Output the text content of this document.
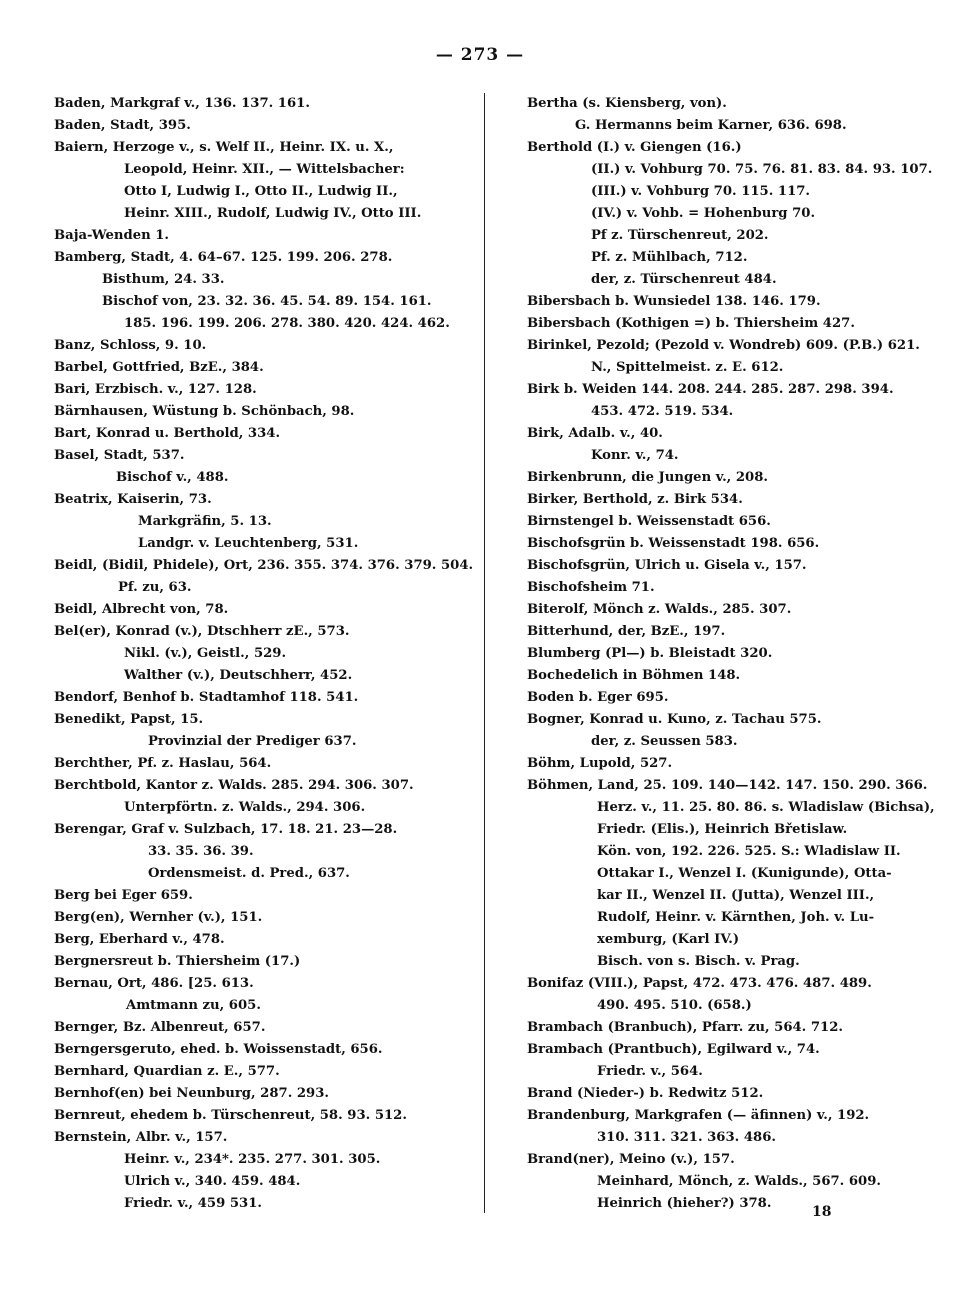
— 273 —
Baden, Markgraf v., 136. 137. 161.
Baden, Stadt, 395.
Baiern, Herzoge v., s. Welf II., Heinr. IX. u. X.,
Leopold, Heinr. XII., — Wittelsbacher:
Otto I, Ludwig I., Otto II., Ludwig II.,
Heinr. XIII., Rudolf, Ludwig IV., Otto III.
Baja-Wenden 1.
Bamberg, Stadt, 4. 64–67. 125. 199. 206. 278.
Bisthum, 24. 33.
Bischof von, 23. 32. 36. 45. 54. 89. 154. 161.
185. 196. 199. 206. 278. 380. 420. 424. 462.
Banz, Schloss, 9. 10.
Barbel, Gottfried, BzE., 384.
Bari, Erzbisch. v., 127. 128.
Bärnhausen, Wüstung b. Schönbach, 98.
Bart, Konrad u. Berthold, 334.
Basel, Stadt, 537.
Bischof v., 488.
Beatrix, Kaiserin, 73.
Markgräfin, 5. 13.
Landgr. v. Leuchtenberg, 531.
Beidl, (Bidil, Phidele), Ort, 236. 355. 374. 376. 379. 504.
Pf. zu, 63.
Beidl, Albrecht von, 78.
Bel(er), Konrad (v.), Dtschherr zE., 573.
Nikl. (v.), Geistl., 529.
Walther (v.), Deutschherr, 452.
Bendorf, Benhof b. Stadtamhof 118. 541.
Benedikt, Papst, 15.
Provinzial der Prediger 637.
Berchther, Pf. z. Haslau, 564.
Berchtbold, Kantor z. Walds. 285. 294. 306. 307.
Unterpförtn. z. Walds., 294. 306.
Berengar, Graf v. Sulzbach, 17. 18. 21. 23—28.
33. 35. 36. 39.
Ordensmeist. d. Pred., 637.
Berg bei Eger 659.
Berg(en), Wernher (v.), 151.
Berg, Eberhard v., 478.
Bergnersreut b. Thiersheim (17.)
Bernau, Ort, 486. [25. 613.
Amtmann zu, 605.
Bernger, Bz. Albenreut, 657.
Berngersgeruto, ehed. b. Woissenstadt, 656.
Bernhard, Quardian z. E., 577.
Bernhof(en) bei Neunburg, 287. 293.
Bernreut, ehedem b. Türschenreut, 58. 93. 512.
Bernstein, Albr. v., 157.
Heinr. v., 234*. 235. 277. 301. 305.
Ulrich v., 340. 459. 484.
Friedr. v., 459 531.
Bertha (s. Kiensberg, von).
G. Hermanns beim Karner, 636. 698.
Berthold (I.) v. Giengen (16.)
(II.) v. Vohburg 70. 75. 76. 81. 83. 84. 93. 107.
(III.) v. Vohburg 70. 115. 117.
(IV.) v. Vohb. = Hohenburg 70.
Pf z. Türschenreut, 202.
Pf. z. Mühlbach, 712.
der, z. Türschenreut 484.
Bibersbach b. Wunsiedel 138. 146. 179.
Bibersbach (Kothigen =) b. Thiersheim 427.
Birinkel, Pezold; (Pezold v. Wondreb) 609. (P.B.) 621.
N., Spittelmeist. z. E. 612.
Birk b. Weiden 144. 208. 244. 285. 287. 298. 394.
453. 472. 519. 534.
Birk, Adalb. v., 40.
Konr. v., 74.
Birkenbrunn, die Jungen v., 208.
Birker, Berthold, z. Birk 534.
Birnstengel b. Weissenstadt 656.
Bischofsgrün b. Weissenstadt 198. 656.
Bischofsgrün, Ulrich u. Gisela v., 157.
Bischofsheim 71.
Biterolf, Mönch z. Walds., 285. 307.
Bitterhund, der, BzE., 197.
Blumberg (Pl—) b. Bleistadt 320.
Bochedelich in Böhmen 148.
Boden b. Eger 695.
Bogner, Konrad u. Kuno, z. Tachau 575.
der, z. Seussen 583.
Böhm, Lupold, 527.
Böhmen, Land, 25. 109. 140—142. 147. 150. 290. 366.
Herz. v., 11. 25. 80. 86. s. Wladislaw (Bichsa),
Friedr. (Elis.), Heinrich Břetislaw.
Kön. von, 192. 226. 525. S.: Wladislaw II.
Ottakar I., Wenzel I. (Kunigunde), Otta-
kar II., Wenzel II. (Jutta), Wenzel III.,
Rudolf, Heinr. v. Kärnthen, Joh. v. Lu-
xemburg, (Karl IV.)
Bisch. von s. Bisch. v. Prag.
Bonifaz (VIII.), Papst, 472. 473. 476. 487. 489.
490. 495. 510. (658.)
Brambach (Branbuch), Pfarr. zu, 564. 712.
Brambach (Prantbuch), Egilward v., 74.
Friedr. v., 564.
Brand (Nieder-) b. Redwitz 512.
Brandenburg, Markgrafen (— äfinnen) v., 192.
310. 311. 321. 363. 486.
Brand(ner), Meino (v.), 157.
Meinhard, Mönch, z. Walds., 567. 609.
Heinrich (hieher?) 378.
18
